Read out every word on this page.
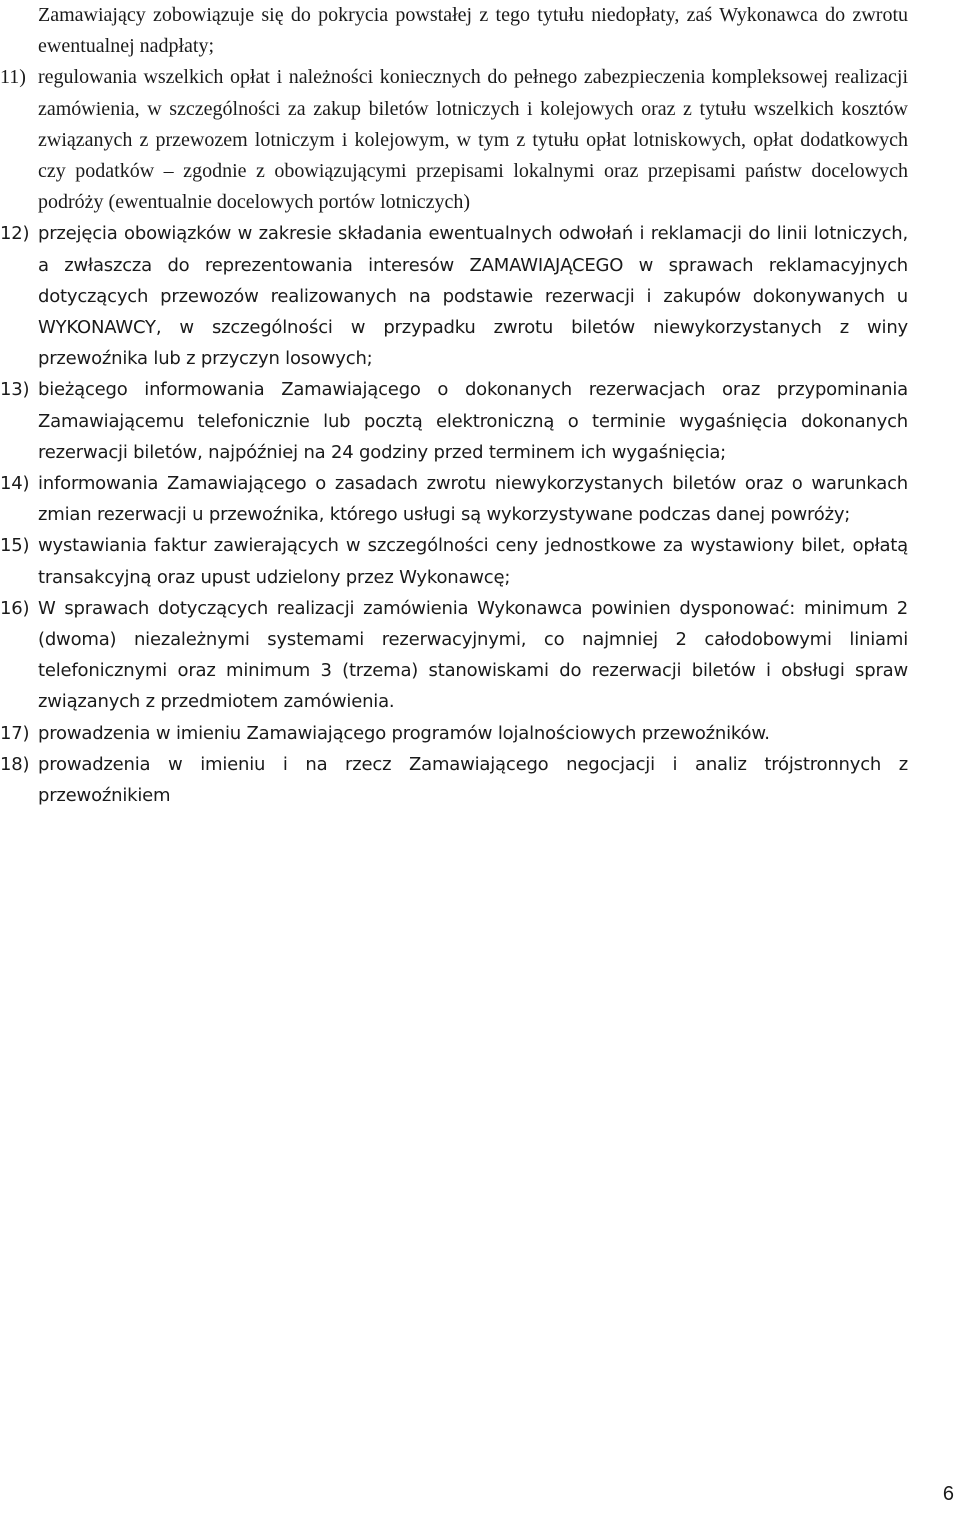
Zamawiający zobowiązuje się do pokrycia powstałej z tego tytułu niedopłaty, zaś Wykonawca do zwrotu ewentualnej nadpłaty;

11) regulowania wszelkich opłat i należności koniecznych do pełnego zabezpieczenia kompleksowej realizacji zamówienia, w szczególności za zakup biletów lotniczych i kolejowych oraz z tytułu wszelkich kosztów związanych z przewozem lotniczym i kolejowym, w tym z tytułu opłat lotniskowych, opłat dodatkowych czy podatków – zgodnie z obowiązującymi przepisami lokalnymi oraz przepisami państw docelowych podróży (ewentualnie docelowych portów lotniczych)

12) przejęcia obowiązków w zakresie składania ewentualnych odwołań i reklamacji do linii lotniczych, a zwłaszcza do reprezentowania interesów ZAMAWIAJĄCEGO w sprawach reklamacyjnych dotyczących przewozów realizowanych na podstawie rezerwacji i zakupów dokonywanych u WYKONAWCY, w szczególności w przypadku zwrotu biletów niewykorzystanych z winy przewoźnika lub z przyczyn losowych;

13) bieżącego informowania Zamawiającego o dokonanych rezerwacjach oraz przypominania Zamawiającemu telefonicznie lub pocztą elektroniczną o terminie wygaśnięcia dokonanych rezerwacji biletów, najpóźniej na 24 godziny przed terminem ich wygaśnięcia;

14) informowania Zamawiającego o zasadach zwrotu niewykorzystanych biletów oraz o warunkach zmian rezerwacji u przewoźnika, którego usługi są wykorzystywane podczas danej powróży;

15) wystawiania faktur zawierających w szczególności ceny jednostkowe za wystawiony bilet, opłatą transakcyjną oraz upust udzielony przez Wykonawcę;

16) W sprawach dotyczących realizacji zamówienia Wykonawca powinien dysponować: minimum 2 (dwoma) niezależnymi systemami rezerwacyjnymi, co najmniej 2 całodobowymi liniami telefonicznymi oraz minimum 3 (trzema) stanowiskami do rezerwacji biletów i obsługi spraw związanych z przedmiotem zamówienia.

17) prowadzenia w imieniu Zamawiającego programów lojalnościowych przewoźników.

18) prowadzenia w imieniu i na rzecz Zamawiającego negocjacji i analiz trójstronnych z przewoźnikiem

6
